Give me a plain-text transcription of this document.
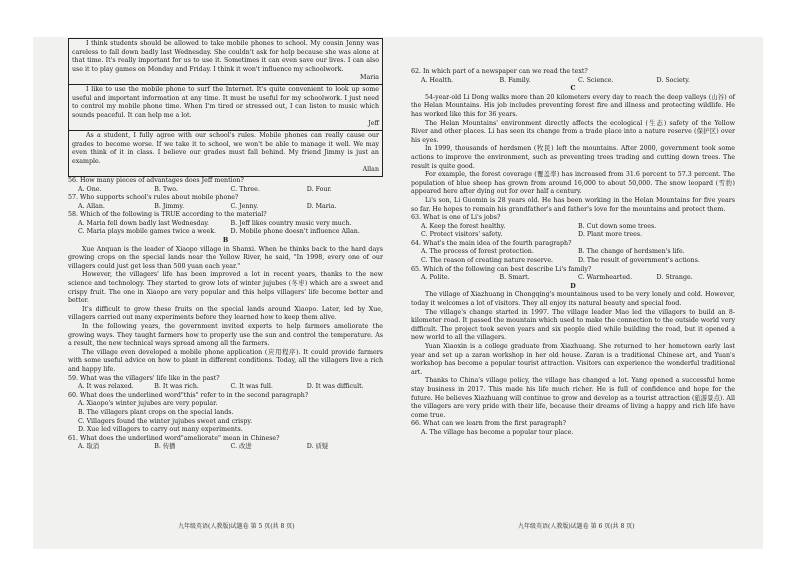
I think students should be allowed to take mobile phones to school. My cousin Jenny was careless to fall down badly last Wednesday. She couldn't ask for help because she was alone at that time. It's really important for us to use it. Sometimes it can even save our lives. I can also use it to play games on Monday and Friday. I think it won't influence my schoolwork.

Maria

I like to use the mobile phone to surf the Internet. It's quite convenient to look up some useful and important information at any time. It must be useful for my schoolwork. I just need to control my mobile phone time. When I'm tired or stressed out, I can listen to music which sounds peaceful. It can help me a lot.

Jeff

As a student, I fully agree with our school's rules. Mobile phones can really cause our grades to become worse. If we take it to school, we won't be able to manage it well. We may even think of it in class. I believe our grades must fall behind. My friend Jimmy is just an example.

Allan
56. How many pieces of advantages does Jeff mention?
A. One.	B. Two.	C. Three.	D. Four.
57. Who supports school's rules about mobile phone?
A. Allan.	B. Jimmy.	C. Jenny.	D. Maria.
58. Which of the following is TRUE according to the material?
A. Maria fell down badly last Wednesday.	B. Jeff likes country music very much.
C. Maria plays mobile games twice a week.	D. Mobile phone doesn't influence Allan.
B

Xue Anquan is the leader of Xiaopo village in Shanxi. When he thinks back to the hard days growing crops on the special lands near the Yellow River, he said, "In 1998, every one of our villagers could just get less than 500 yuan each year."

However, the villagers' life has been improved a lot in recent years, thanks to the new science and technology. They started to grow lots of winter jujubes (冬枣) which are a sweet and crispy fruit. The one in Xiaopo are very popular and this helps villagers' life become better and better.

It's difficult to grow these fruits on the special lands around Xiaopo. Later, led by Xue, villagers carried out many experiments before they learned how to keep them alive.

In the following years, the government invited experts to help farmers ameliorate the growing ways. They taught farmers how to properly use the sun and control the temperature. As a result, the new technical ways spread among all the farmers.

The village even developed a mobile phone application (应用程序). It could provide farmers with some useful advice on how to plant in different conditions. Today, all the villagers live a rich and happy life.

59. What was the villagers' life like in the past?
A. It was relaxed.	B. It was rich.	C. It was full.	D. It was difficult.
60. What does the underlined word"this" refer to in the second paragraph?
A. Xiaopo's winter jujubes are very popular.
B. The villagers plant crops on the special lands.
C. Villagers found the winter jujubes sweet and crispy.
D. Xue led villagers to carry out many experiments.
61. What does the underlined word"ameliorate" mean in Chinese?
A. 取消	B. 传播	C. 改进	D. 质疑
九年级英语(人教版)试题卷 第 5 页(共 8 页)
62. In which part of a newspaper can we read the text?
A. Health.	B. Family.	C. Science.	D. Society.
C

54-year-old Li Dong walks more than 20 kilometers every day to reach the deep valleys (山谷) of the Helan Mountains. His job includes preventing forest fire and illness and protecting wildlife. He has worked like this for 36 years.

The Helan Mountains' environment directly affects the ecological (生态) safety of the Yellow River and other places. Li has seen its change from a trade place into a nature reserve (保护区) over his eyes.

In 1999, thousands of herdsmen (牧民) left the mountains. After 2000, government took some actions to improve the environment, such as preventing trees trading and cutting down trees. The result is quite good.

For example, the forest coverage (覆盖率) has increased from 31.6 percent to 57.3 percent. The population of blue sheep has grown from around 16,000 to about 50,000. The snow leopard (雪豹) appeared here after dying out for over half a century.

Li's son, Li Guomin is 28 years old. He has been working in the Helan Mountains for five years so far. He hopes to remain his grandfather's and father's love for the mountains and protect them.

63. What is one of Li's jobs?
A. Keep the forest healthy.	B. Cut down some trees.
C. Protect visitors' safety.	D. Plant more trees.
64. What's the main idea of the fourth paragraph?
A. The process of forest protection.	B. The change of herdsmen's life.
C. The reason of creating nature reserve.	D. The result of government's actions.
65. Which of the following can best describe Li's family?
A. Polite.	B. Smart.	C. Warmhearted.	D. Strange.
D

The village of Xiazhuang in Chongqing's mountainous used to be very lonely and cold. However, today it welcomes a lot of visitors. They all enjoy its natural beauty and special food.

The village's change started in 1997. The village leader Mao led the villagers to build an 8-kilometer road. It passed the mountain which used to make the connection to the outside world very difficult. The project took seven years and six people died while building the road, but it opened a new world to all the villagers.

Yuan Xiaoxin is a college graduate from Xiazhuang. She returned to her hometown early last year and set up a zaran workshop in her old house. Zaran is a traditional Chinese art, and Yuan's workshop has become a popular tourist attraction. Visitors can experience the wonderful traditional art.

Thanks to China's village policy, the village has changed a lot. Yang opened a successful home stay business in 2017. This made his life much richer. He is full of confidence and hope for the future. He believes Xiazhuang will continue to grow and develop as a tourist attraction (旅游景点). All the villagers are very pride with their life, because their dreams of living a happy and rich life have come true.

66. What can we learn from the first paragraph?
A. The village has become a popular tour place.
九年级英语(人教版)试题卷 第 6 页(共 8 页)
